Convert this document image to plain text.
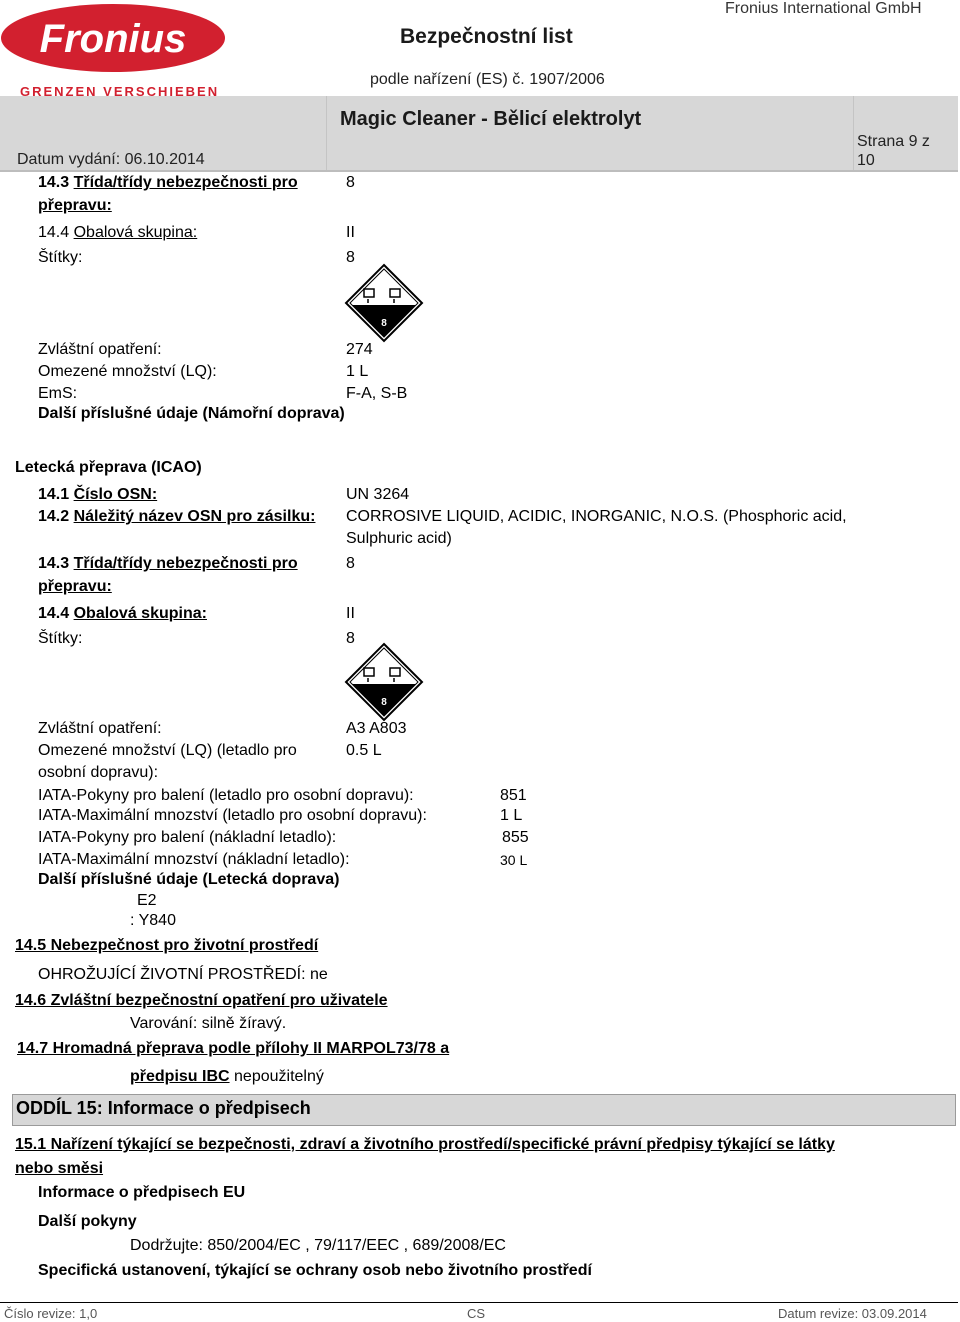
Fronius
GRENZEN VERSCHIEBEN
Bezpečnostní list
Fronius International GmbH
podle nařízení (ES) č. 1907/2006
Magic Cleaner - Bělicí elektrolyt
Datum vydání: 06.10.2014
Strana 9 z
10
14.3 Třída/třídy nebezpečnosti pro
přepravu:
8
14.4 Obalová skupina:	II
Štítky:	8
8
Zvláštní opatření:	274
Omezené množství (LQ):	1 L
EmS:	F-A, S-B
Další příslušné údaje (Námořní doprava)
Letecká přeprava (ICAO)
14.1 Číslo OSN:	UN 3264
14.2 Náležitý název OSN pro zásilku: CORROSIVE LIQUID, ACIDIC, INORGANIC, N.O.S. (Phosphoric acid,
Sulphuric acid)
14.3 Třída/třídy nebezpečnosti pro
přepravu:
8
14.4 Obalová skupina:	II
Štítky:	8
8
Zvláštní opatření:	A3 A803
Omezené množství (LQ) (letadlo pro	0.5 L
osobní dopravu):
IATA-Pokyny pro balení (letadlo pro osobní dopravu):	851
IATA-Maximální mnozství (letadlo pro osobní dopravu):	1 L
IATA-Pokyny pro balení (nákladní letadlo):	855
IATA-Maximální mnozství (nákladní letadlo):	30 L
Další příslušné údaje (Letecká doprava)
E2
: Y840
14.5 Nebezpečnost pro životní prostředí
OHROŽUJÍCÍ ŽIVOTNÍ PROSTŘEDÍ: ne
14.6 Zvláštní bezpečnostní opatření pro uživatele
Varování: silně žíravý.
14.7 Hromadná přeprava podle přílohy II MARPOL73/78 a
předpisu IBC nepoužitelný
ODDÍL 15: Informace o předpisech
15.1 Nařízení týkající se bezpečnosti, zdraví a životního prostředí/specifické právní předpisy týkající se látky
nebo směsi
Informace o předpisech EU
Další pokyny
Dodržujte: 850/2004/EC , 79/117/EEC , 689/2008/EC
Specifická ustanovení, týkající se ochrany osob nebo životního prostředí
Číslo revize: 1,0	CS	Datum revize: 03.09.2014
